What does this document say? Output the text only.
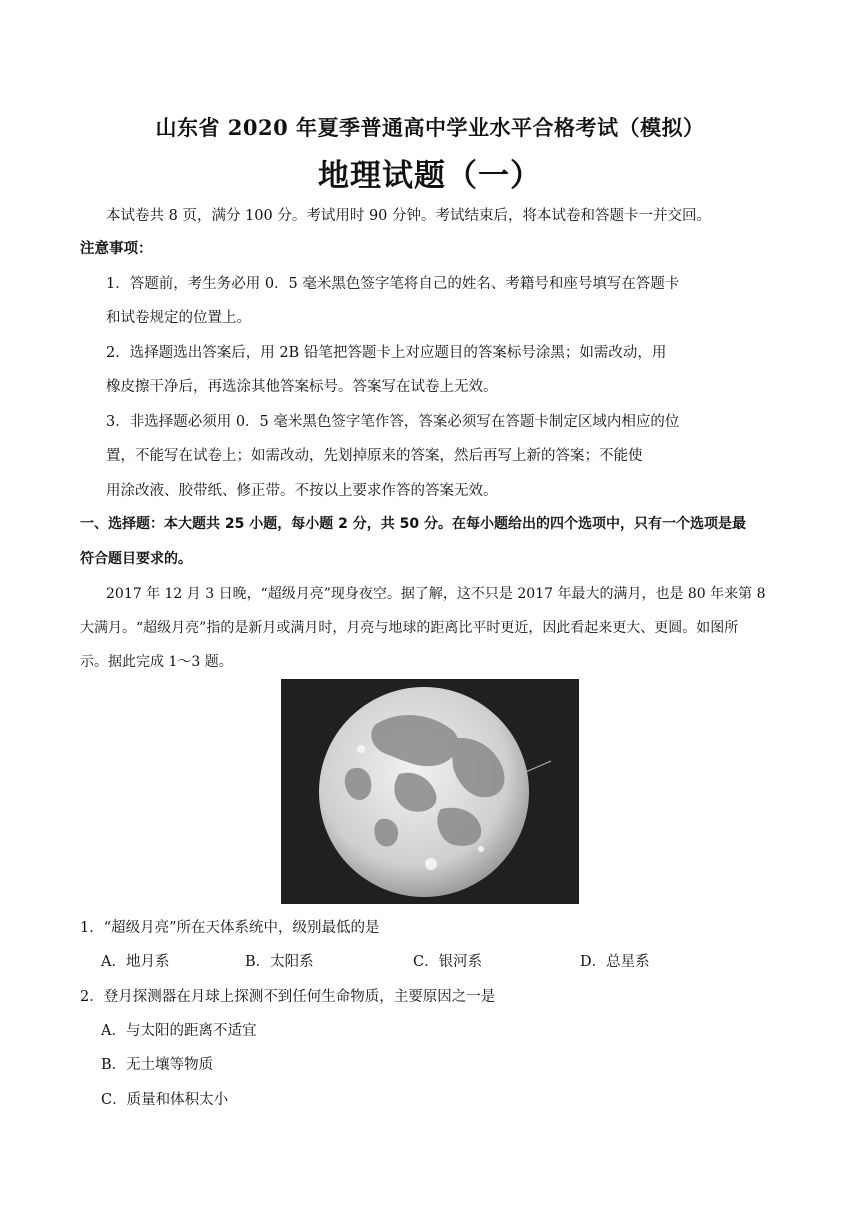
山东省 2020 年夏季普通高中学业水平合格考试（模拟）
地理试题（一）
本试卷共 8 页，满分 100 分。考试用时 90 分钟。考试结束后，将本试卷和答题卡一并交回。
注意事项：
1．答题前，考生务必用 0．5 毫米黑色签字笔将自己的姓名、考籍号和座号填写在答题卡
和试卷规定的位置上。
2．选择题选出答案后，用 2B 铅笔把答题卡上对应题目的答案标号涂黑；如需改动，用
橡皮擦干净后，再选涂其他答案标号。答案写在试卷上无效。
3．非选择题必须用 0．5 毫米黑色签字笔作答，答案必须写在答题卡制定区域内相应的位
置，不能写在试卷上；如需改动，先划掉原来的答案，然后再写上新的答案；不能使
用涂改液、胶带纸、修正带。不按以上要求作答的答案无效。
一、选择题：本大题共 25 小题，每小题 2 分，共 50 分。在每小题给出的四个选项中，只有一个选项是最
符合题目要求的。
2017 年 12 月 3 日晚，“超级月亮”现身夜空。据了解，这不只是 2017 年最大的满月，也是 80 年来第 8
大满月。“超级月亮”指的是新月或满月时，月亮与地球的距离比平时更近，因此看起来更大、更圆。如图所
示。据此完成 1～3 题。
1．“超级月亮”所在天体系统中，级别最低的是
A．地月系	B．太阳系	C．银河系	D．总星系
2．登月探测器在月球上探测不到任何生命物质，主要原因之一是
A．与太阳的距离不适宜
B．无土壤等物质
C．质量和体积太小
